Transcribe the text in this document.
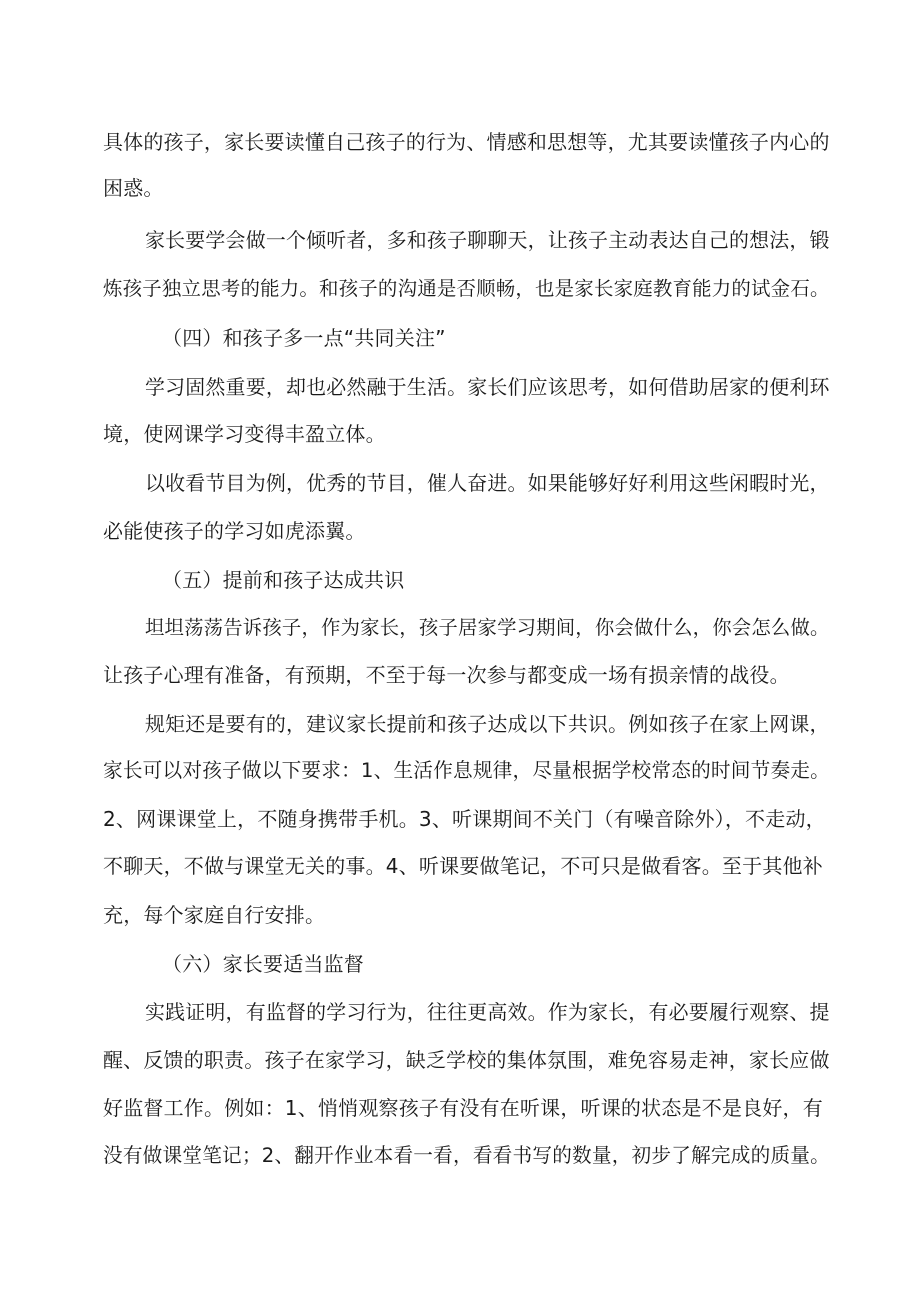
具体的孩子，家长要读懂自己孩子的行为、情感和思想等，尤其要读懂孩子内心的
困惑。
家长要学会做一个倾听者，多和孩子聊聊天，让孩子主动表达自己的想法，锻
炼孩子独立思考的能力。和孩子的沟通是否顺畅，也是家长家庭教育能力的试金石。
（四）和孩子多一点“共同关注”
学习固然重要，却也必然融于生活。家长们应该思考，如何借助居家的便利环
境，使网课学习变得丰盈立体。
以收看节目为例，优秀的节目，催人奋进。如果能够好好利用这些闲暇时光，
必能使孩子的学习如虎添翼。
（五）提前和孩子达成共识
坦坦荡荡告诉孩子，作为家长，孩子居家学习期间，你会做什么，你会怎么做。
让孩子心理有准备，有预期，不至于每一次参与都变成一场有损亲情的战役。
规矩还是要有的，建议家长提前和孩子达成以下共识。例如孩子在家上网课，
家长可以对孩子做以下要求：1、生活作息规律，尽量根据学校常态的时间节奏走。
2、网课课堂上，不随身携带手机。3、听课期间不关门（有噪音除外），不走动，
不聊天，不做与课堂无关的事。4、听课要做笔记，不可只是做看客。至于其他补
充，每个家庭自行安排。
（六）家长要适当监督
实践证明，有监督的学习行为，往往更高效。作为家长，有必要履行观察、提
醒、反馈的职责。孩子在家学习，缺乏学校的集体氛围，难免容易走神，家长应做
好监督工作。例如：1、悄悄观察孩子有没有在听课，听课的状态是不是良好，有
没有做课堂笔记；2、翻开作业本看一看，看看书写的数量，初步了解完成的质量。
